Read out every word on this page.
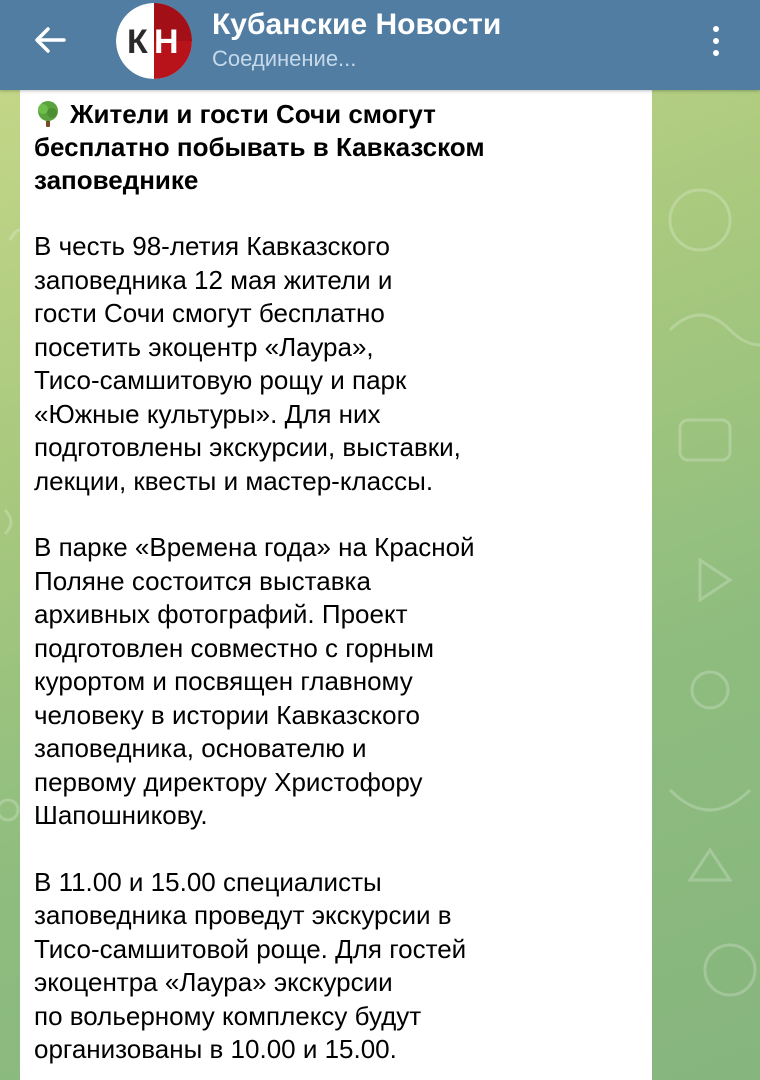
К Н Кубанские Новости
Соединение...
Жители и гости Сочи смогут
бесплатно побывать в Кавказском
заповеднике
В честь 98-летия Кавказского
заповедника 12 мая жители и
гости Сочи смогут бесплатно
посетить экоцентр «Лаура»,
Тисо-самшитовую рощу и парк
«Южные культуры». Для них
подготовлены экскурсии, выставки,
лекции, квесты и мастер-классы.
В парке «Времена года» на Красной
Поляне состоится выставка
архивных фотографий. Проект
подготовлен совместно с горным
курортом и посвящен главному
человеку в истории Кавказского
заповедника, основателю и
первому директору Христофору
Шапошникову.
В 11.00 и 15.00 специалисты
заповедника проведут экскурсии в
Тисо-самшитовой роще. Для гостей
экоцентра «Лаура» экскурсии
по вольерному комплексу будут
организованы в 10.00 и 15.00.
